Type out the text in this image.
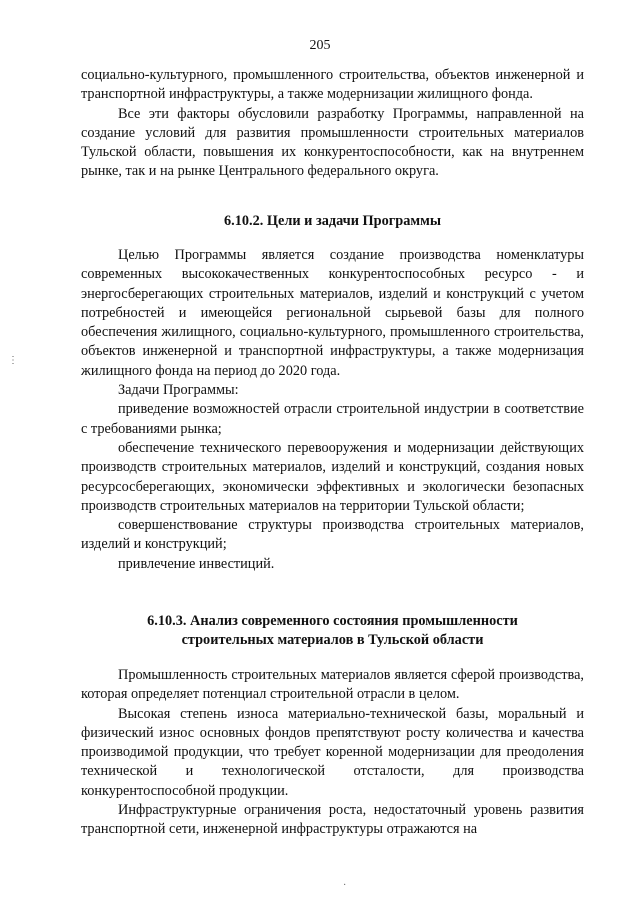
205

социально-культурного, промышленного строительства, объектов инженерной и транспортной инфраструктуры, а также модернизации жилищного фонда.

Все эти факторы обусловили разработку Программы, направленной на создание условий для развития промышленности строительных материалов Тульской области, повышения их конкурентоспособности, как на внутреннем рынке, так и на рынке Центрального федерального округа.

6.10.2. Цели и задачи Программы

Целью Программы является создание производства номенклатуры современных высококачественных конкурентоспособных ресурсо - и энергосберегающих строительных материалов, изделий и конструкций с учетом потребностей и имеющейся региональной сырьевой базы для полного обеспечения жилищного, социально-культурного, промышленного строительства, объектов инженерной и транспортной инфраструктуры, а также модернизация жилищного фонда на период до 2020 года.

Задачи Программы:

приведение возможностей отрасли строительной индустрии в соответствие с требованиями рынка;

обеспечение технического перевооружения и модернизации действующих производств строительных материалов, изделий и конструкций, создания новых ресурсосберегающих, экономически эффективных и экологически безопасных производств строительных материалов на территории Тульской области;

совершенствование структуры производства строительных материалов, изделий и конструкций;

привлечение инвестиций.

6.10.3. Анализ современного состояния промышленности
строительных материалов в Тульской области

Промышленность строительных материалов является сферой производства, которая определяет потенциал строительной отрасли в целом.

Высокая степень износа материально-технической базы, моральный и физический износ основных фондов препятствуют росту количества и качества производимой продукции, что требует коренной модернизации для преодоления технической и технологической отсталости, для производства конкурентоспособной продукции.

Инфраструктурные ограничения роста, недостаточный уровень развития транспортной сети, инженерной инфраструктуры отражаются на

⋮
·
